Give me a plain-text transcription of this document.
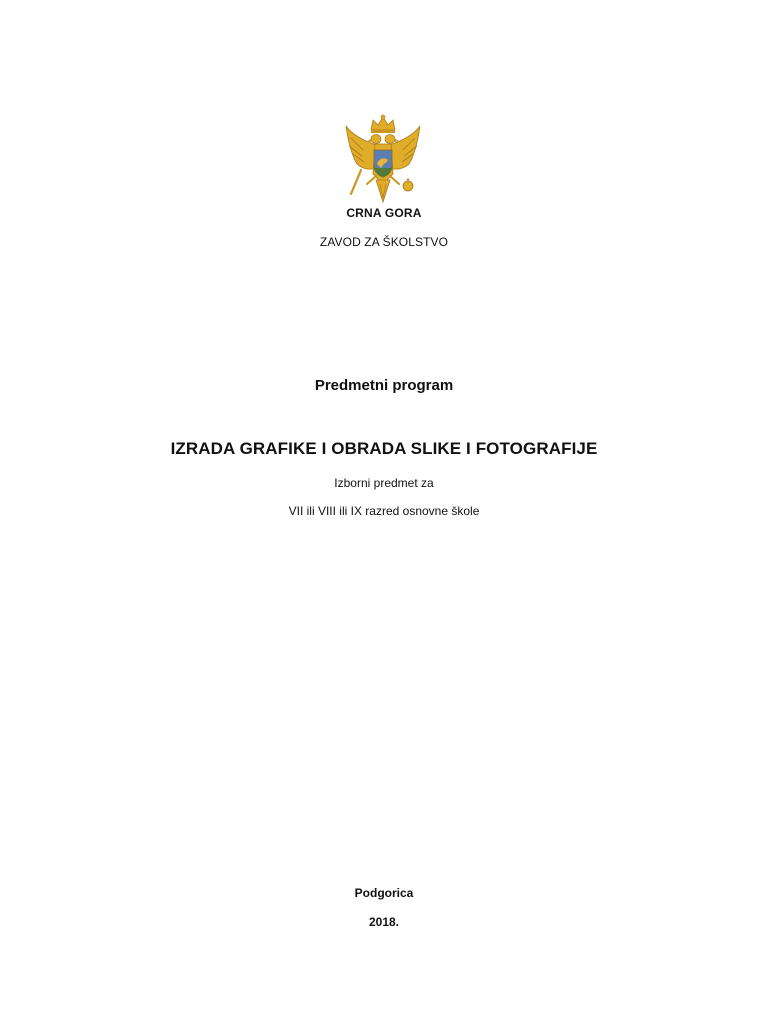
CRNA GORA
ZAVOD ZA ŠKOLSTVO
Predmetni program
IZRADA GRAFIKE I OBRADA SLIKE I FOTOGRAFIJE
Izborni predmet za
VII ili VIII ili IX razred osnovne škole
Podgorica
2018.
